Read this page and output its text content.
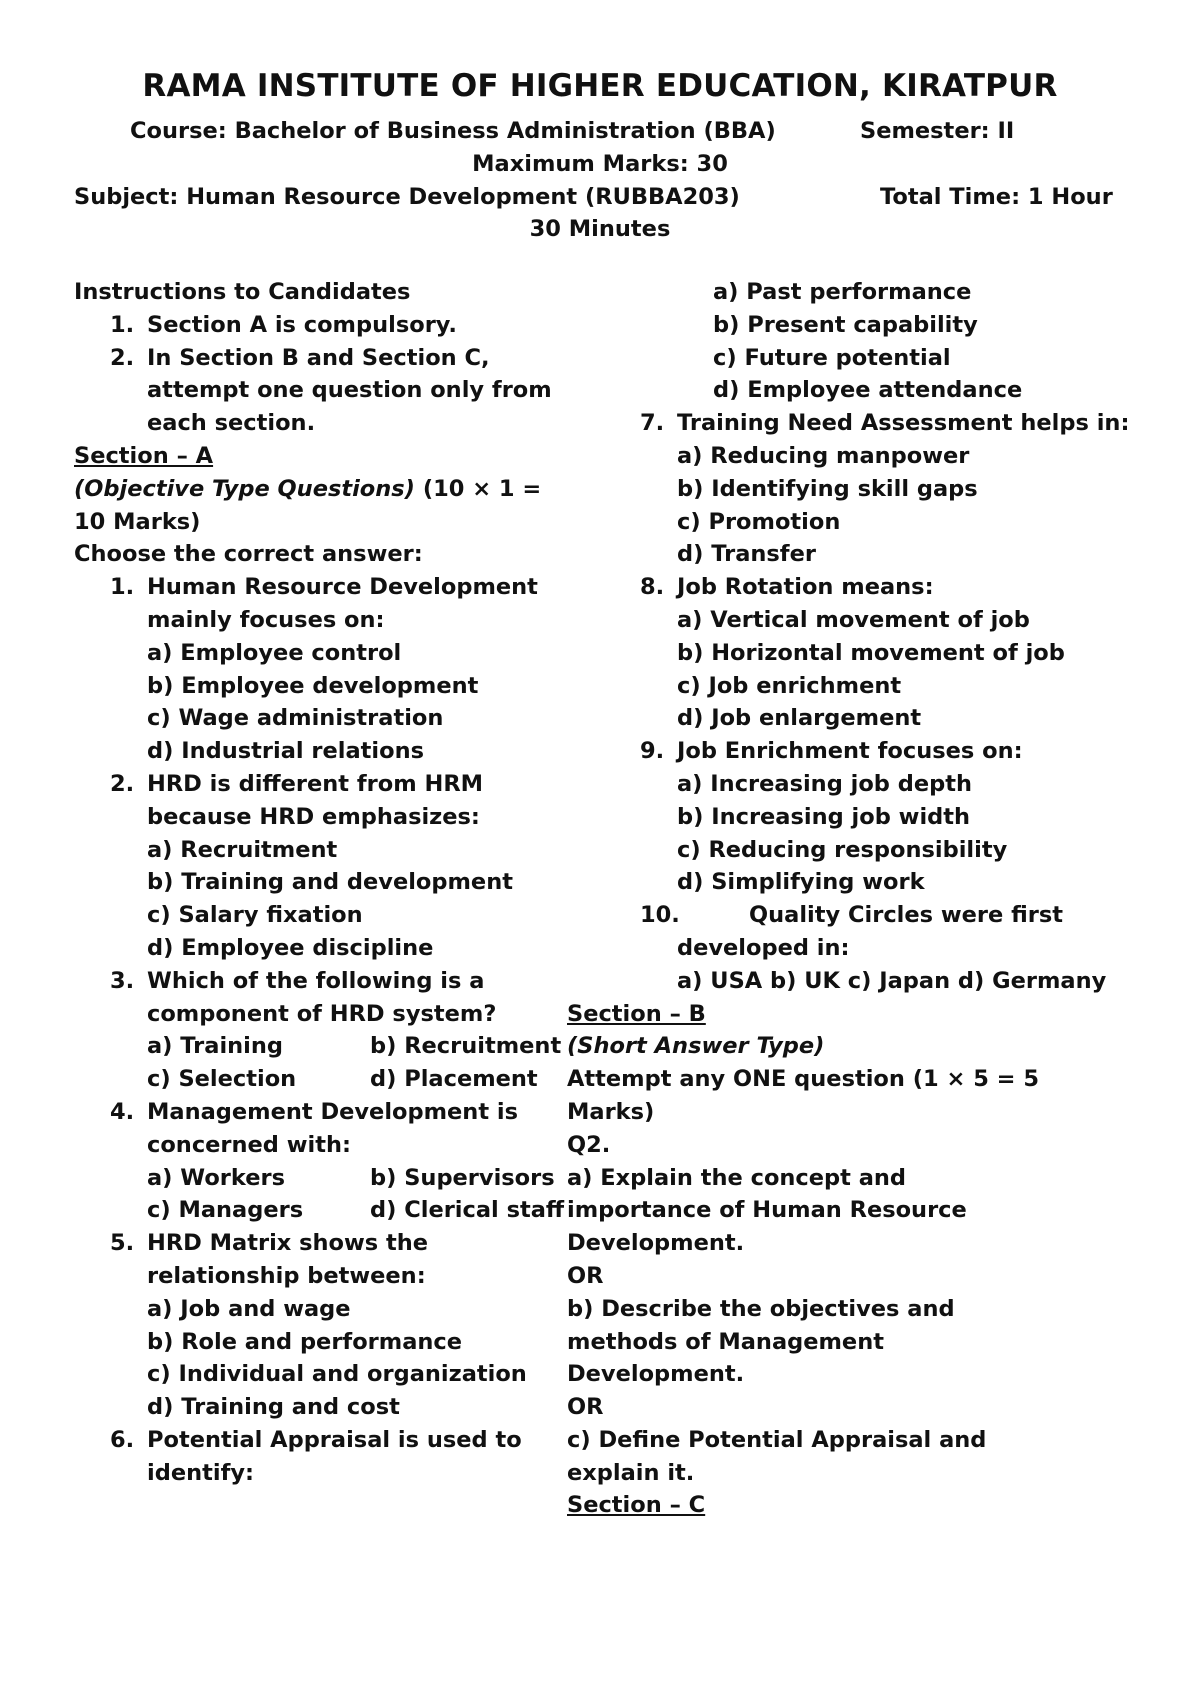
RAMA INSTITUTE OF HIGHER EDUCATION, KIRATPUR
Course: Bachelor of Business Administration (BBA)	Semester: II
Maximum Marks: 30
Subject: Human Resource Development (RUBBA203)	Total Time: 1 Hour
30 Minutes

Instructions to Candidates

1. Section A is compulsory.
2. In Section B and Section C, attempt one question only from each section.

Section – A

(Objective Type Questions) (10 × 1 = 10 Marks)

Choose the correct answer:

1. Human Resource Development mainly focuses on:
a) Employee control
b) Employee development
c) Wage administration
d) Industrial relations
2. HRD is different from HRM because HRD emphasizes:
a) Recruitment
b) Training and development
c) Salary fixation
d) Employee discipline
3. Which of the following is a component of HRD system?
a) Training	b) Recruitment
c) Selection	d) Placement
4. Management Development is concerned with:
a) Workers	b) Supervisors
c) Managers	d) Clerical staff
5. HRD Matrix shows the relationship between:
a) Job and wage
b) Role and performance
c) Individual and organization
d) Training and cost
6. Potential Appraisal is used to identify:
a) Past performance
b) Present capability
c) Future potential
d) Employee attendance
7. Training Need Assessment helps in:
a) Reducing manpower
b) Identifying skill gaps
c) Promotion
d) Transfer
8. Job Rotation means:
a) Vertical movement of job
b) Horizontal movement of job
c) Job enrichment
d) Job enlargement
9. Job Enrichment focuses on:
a) Increasing job depth
b) Increasing job width
c) Reducing responsibility
d) Simplifying work
10.	Quality Circles were first developed in:
a) USA b) UK c) Japan d) Germany

Section – B

(Short Answer Type)

Attempt any ONE question (1 × 5 = 5 Marks)

Q2.

a) Explain the concept and importance of Human Resource Development.

OR

b) Describe the objectives and methods of Management Development.

OR

c) Define Potential Appraisal and explain it.

Section – C
